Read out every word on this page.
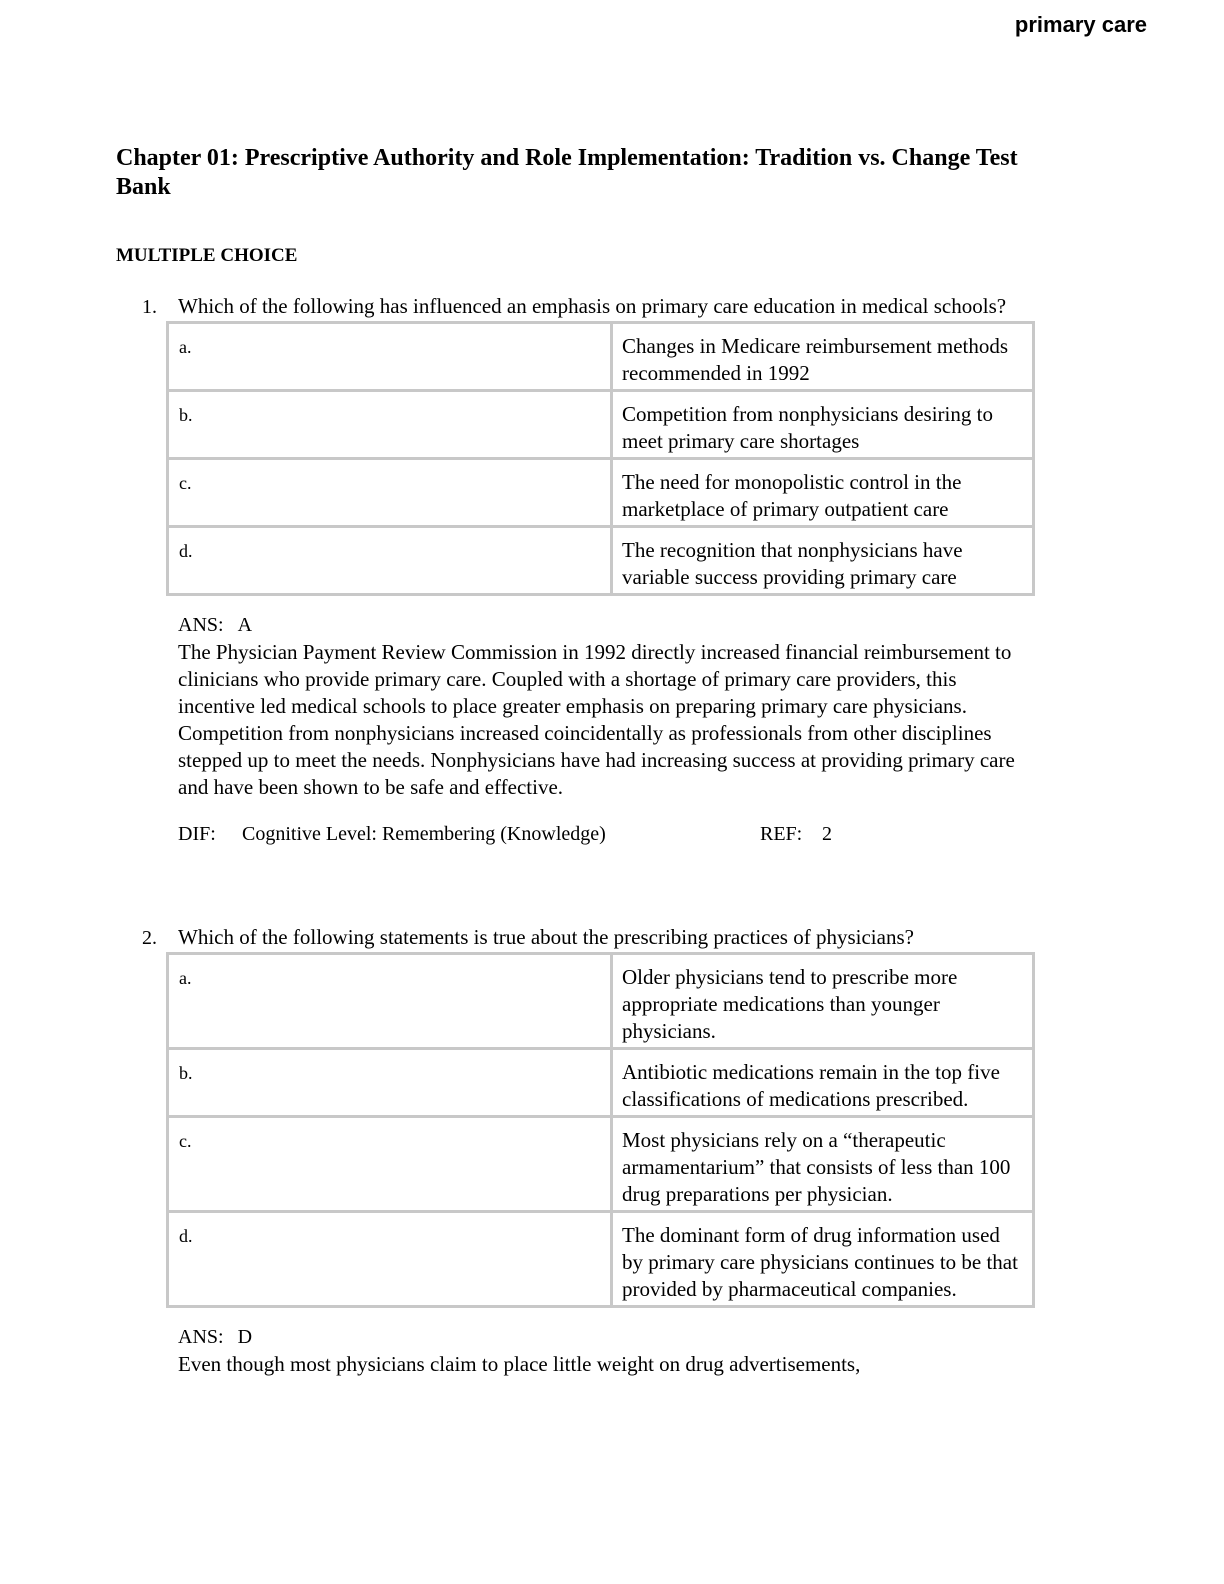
primary care
Chapter 01: Prescriptive Authority and Role Implementation: Tradition vs. Change Test Bank
MULTIPLE CHOICE
1.	Which of the following has influenced an emphasis on primary care education in medical schools?
a.	Changes in Medicare reimbursement methods recommended in 1992
b.	Competition from nonphysicians desiring to meet primary care shortages
c.	The need for monopolistic control in the marketplace of primary outpatient care
d.	The recognition that nonphysicians have variable success providing primary care
ANS: A
The Physician Payment Review Commission in 1992 directly increased financial reimbursement to clinicians who provide primary care. Coupled with a shortage of primary care providers, this incentive led medical schools to place greater emphasis on preparing primary care physicians. Competition from nonphysicians increased coincidentally as professionals from other disciplines stepped up to meet the needs. Nonphysicians have had increasing success at providing primary care and have been shown to be safe and effective.
DIF:	Cognitive Level: Remembering (Knowledge)	REF: 2
2.	Which of the following statements is true about the prescribing practices of physicians?
a.	Older physicians tend to prescribe more appropriate medications than younger physicians.
b.	Antibiotic medications remain in the top five classifications of medications prescribed.
c.	Most physicians rely on a “therapeutic armamentarium” that consists of less than 100 drug preparations per physician.
d.	The dominant form of drug information used by primary care physicians continues to be that provided by pharmaceutical companies.
ANS: D
Even though most physicians claim to place little weight on drug advertisements,
